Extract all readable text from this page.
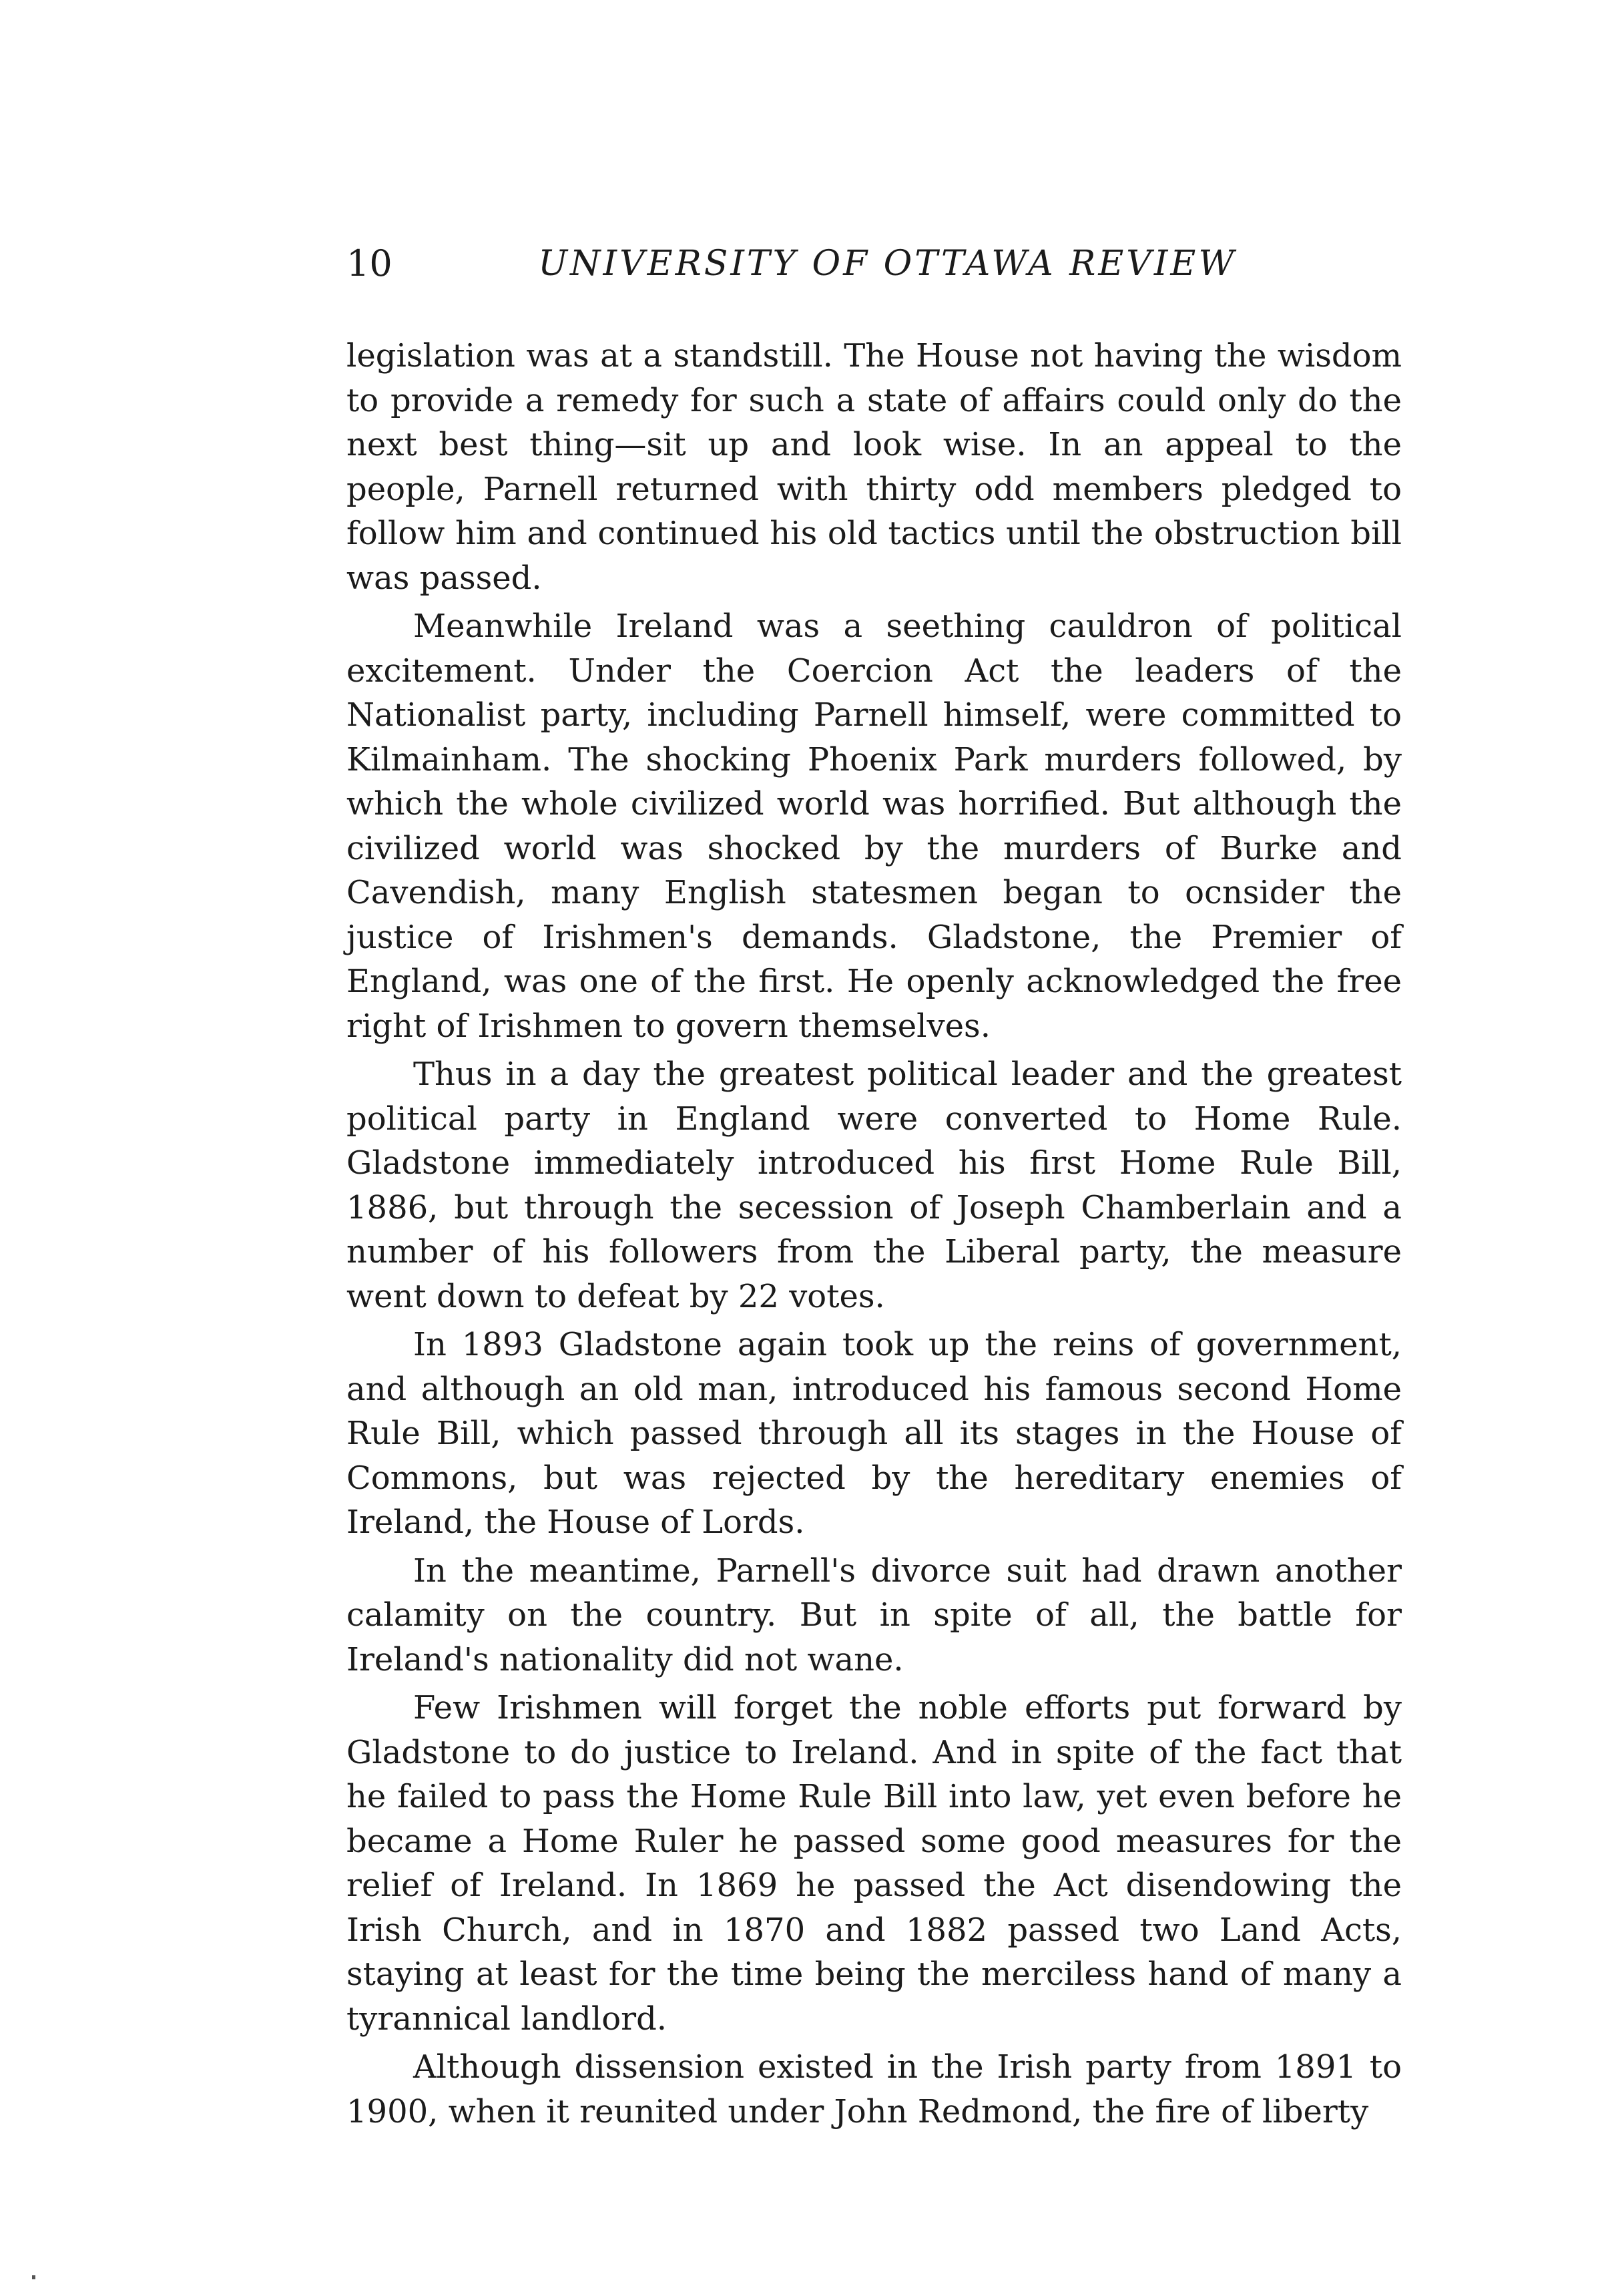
10	UNIVERSITY OF OTTAWA REVIEW

legislation was at a standstill. The House not having the wisdom to provide a remedy for such a state of affairs could only do the next best thing—sit up and look wise. In an appeal to the people, Parnell returned with thirty odd members pledged to follow him and continued his old tactics until the obstruction bill was passed.

Meanwhile Ireland was a seething cauldron of political excitement. Under the Coercion Act the leaders of the Nationalist party, including Parnell himself, were committed to Kilmainham. The shocking Phoenix Park murders followed, by which the whole civilized world was horrified. But although the civilized world was shocked by the murders of Burke and Cavendish, many English statesmen began to ocnsider the justice of Irishmen's demands. Gladstone, the Premier of England, was one of the first. He openly acknowledged the free right of Irishmen to govern themselves.

Thus in a day the greatest political leader and the greatest political party in England were converted to Home Rule. Gladstone immediately introduced his first Home Rule Bill, 1886, but through the secession of Joseph Chamberlain and a number of his followers from the Liberal party, the measure went down to defeat by 22 votes.

In 1893 Gladstone again took up the reins of government, and although an old man, introduced his famous second Home Rule Bill, which passed through all its stages in the House of Commons, but was rejected by the hereditary enemies of Ireland, the House of Lords.

In the meantime, Parnell's divorce suit had drawn another calamity on the country. But in spite of all, the battle for Ireland's nationality did not wane.

Few Irishmen will forget the noble efforts put forward by Gladstone to do justice to Ireland. And in spite of the fact that he failed to pass the Home Rule Bill into law, yet even before he became a Home Ruler he passed some good measures for the relief of Ireland. In 1869 he passed the Act disendowing the Irish Church, and in 1870 and 1882 passed two Land Acts, staying at least for the time being the merciless hand of many a tyrannical landlord.

Although dissension existed in the Irish party from 1891 to 1900, when it reunited under John Redmond, the fire of liberty
